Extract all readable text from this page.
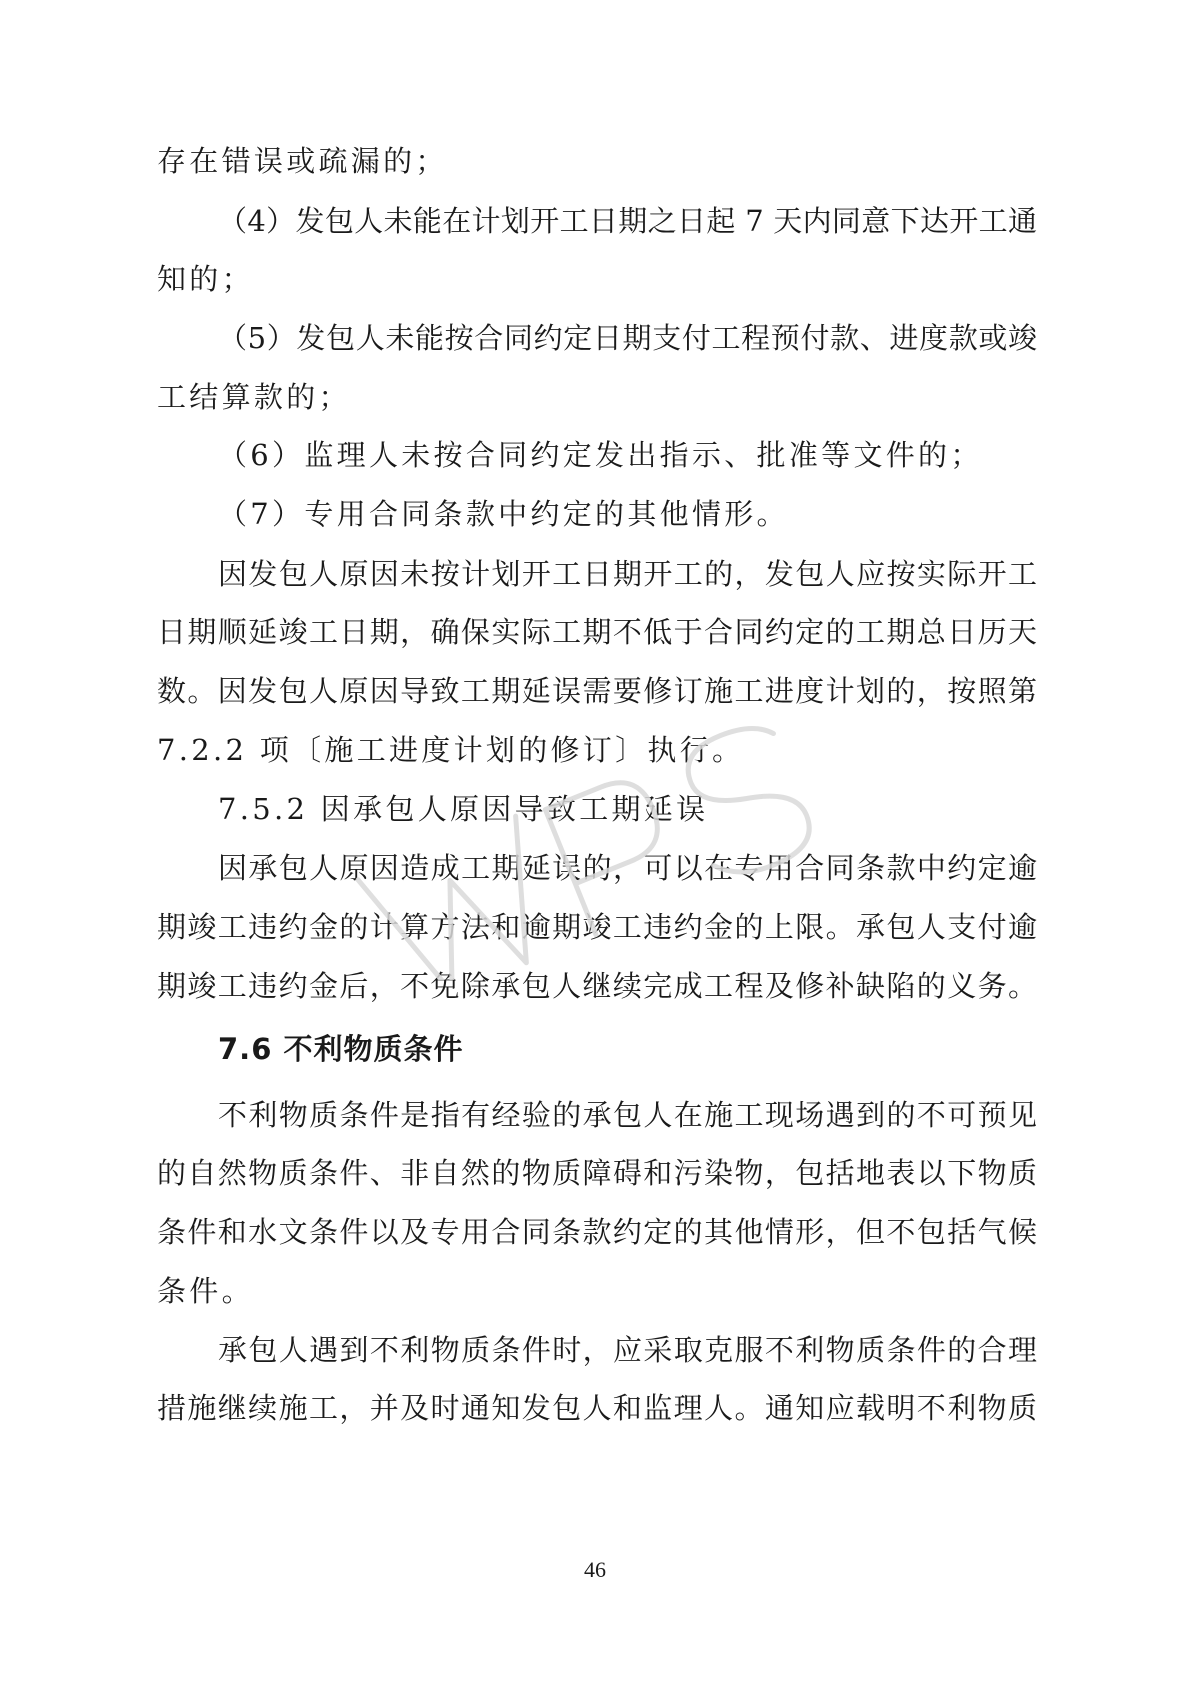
存在错误或疏漏的；
（4）发包人未能在计划开工日期之日起 7 天内同意下达开工通
知的；
（5）发包人未能按合同约定日期支付工程预付款、进度款或竣
工结算款的；
（6）监理人未按合同约定发出指示、批准等文件的；
（7）专用合同条款中约定的其他情形。
因发包人原因未按计划开工日期开工的，发包人应按实际开工
日期顺延竣工日期，确保实际工期不低于合同约定的工期总日历天
数。因发包人原因导致工期延误需要修订施工进度计划的，按照第
7.2.2 项〔施工进度计划的修订〕执行。
7.5.2 因承包人原因导致工期延误
因承包人原因造成工期延误的，可以在专用合同条款中约定逾
期竣工违约金的计算方法和逾期竣工违约金的上限。承包人支付逾
期竣工违约金后，不免除承包人继续完成工程及修补缺陷的义务。
7.6 不利物质条件
不利物质条件是指有经验的承包人在施工现场遇到的不可预见
的自然物质条件、非自然的物质障碍和污染物，包括地表以下物质
条件和水文条件以及专用合同条款约定的其他情形，但不包括气候
条件。
承包人遇到不利物质条件时，应采取克服不利物质条件的合理
措施继续施工，并及时通知发包人和监理人。通知应载明不利物质
46
